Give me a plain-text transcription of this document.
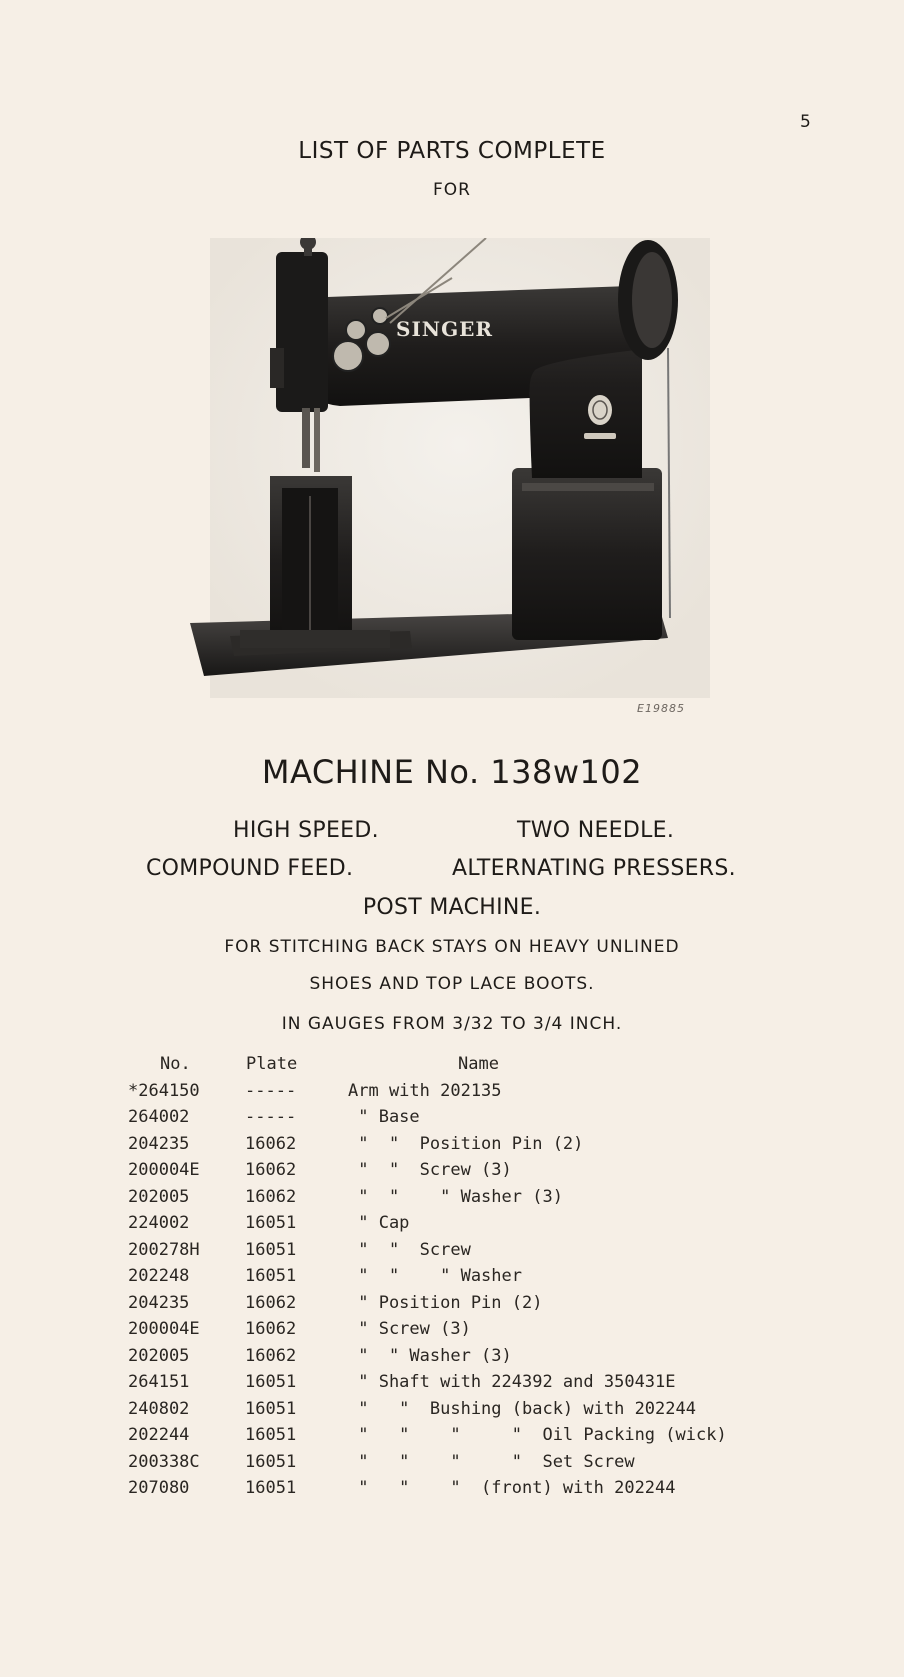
5
LIST OF PARTS COMPLETE
FOR
SINGER
E19885
MACHINE No. 138w102
HIGH SPEED.	TWO NEEDLE.
COMPOUND FEED.	ALTERNATING PRESSERS.
POST MACHINE.
FOR STITCHING BACK STAYS ON HEAVY UNLINED
SHOES AND TOP LACE BOOTS.
IN GAUGES FROM 3/32 TO 3/4 INCH.
No.	Plate	Name
*264150	-----	Arm with 202135
264002	-----	" Base
204235	16062	"  "  Position Pin (2)
200004E	16062	"  "  Screw (3)
202005	16062	"  "    " Washer (3)
224002	16051	" Cap
200278H	16051	"  "  Screw
202248	16051	"  "    " Washer
204235	16062	" Position Pin (2)
200004E	16062	" Screw (3)
202005	16062	"  " Washer (3)
264151	16051	" Shaft with 224392 and 350431E
240802	16051	"   "  Bushing (back) with 202244
202244	16051	"   "    "     "  Oil Packing (wick)
200338C	16051	"   "    "     "  Set Screw
207080	16051	"   "    "  (front) with 202244
